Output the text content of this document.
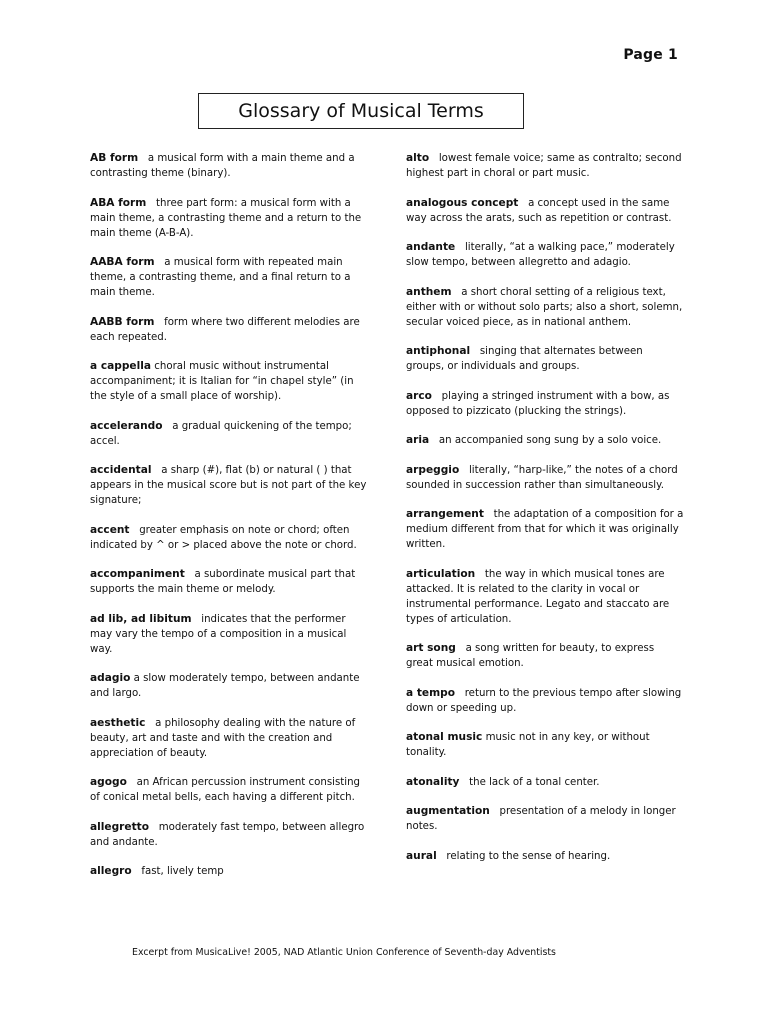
Page 1
Glossary of Musical Terms
AB form a musical form with a main theme and a contrasting theme (binary).
ABA form three part form: a musical form with a main theme, a contrasting theme and a return to the main theme (A-B-A).
AABA form a musical form with repeated main theme, a contrasting theme, and a final return to a main theme.
AABB form form where two different melodies are each repeated.
a cappella choral music without instrumental accompaniment; it is Italian for “in chapel style” (in the style of a small place of worship).
accelerando a gradual quickening of the tempo; accel.
accidental a sharp (#), flat (b) or natural ( ) that appears in the musical score but is not part of the key signature;
accent greater emphasis on note or chord; often indicated by ^ or > placed above the note or chord.
accompaniment a subordinate musical part that supports the main theme or melody.
ad lib, ad libitum indicates that the performer may vary the tempo of a composition in a musical way.
adagio a slow moderately tempo, between andante and largo.
aesthetic a philosophy dealing with the nature of beauty, art and taste and with the creation and appreciation of beauty.
agogo an African percussion instrument consisting of conical metal bells, each having a different pitch.
allegretto moderately fast tempo, between allegro and andante.
allegro fast, lively temp
alto lowest female voice; same as contralto; second highest part in choral or part music.
analogous concept a concept used in the same way across the arats, such as repetition or contrast.
andante literally, “at a walking pace,” moderately slow tempo, between allegretto and adagio.
anthem a short choral setting of a religious text, either with or without solo parts; also a short, solemn, secular voiced piece, as in national anthem.
antiphonal singing that alternates between groups, or individuals and groups.
arco playing a stringed instrument with a bow, as opposed to pizzicato (plucking the strings).
aria an accompanied song sung by a solo voice.
arpeggio literally, “harp-like,” the notes of a chord sounded in succession rather than simultaneously.
arrangement the adaptation of a composition for a medium different from that for which it was originally written.
articulation the way in which musical tones are attacked. It is related to the clarity in vocal or instrumental performance. Legato and staccato are types of articulation.
art song a song written for beauty, to express great musical emotion.
a tempo return to the previous tempo after slowing down or speeding up.
atonal music music not in any key, or without tonality.
atonality the lack of a tonal center.
augmentation presentation of a melody in longer notes.
aural relating to the sense of hearing.
Excerpt from MusicaLive! 2005, NAD Atlantic Union Conference of Seventh-day Adventists
